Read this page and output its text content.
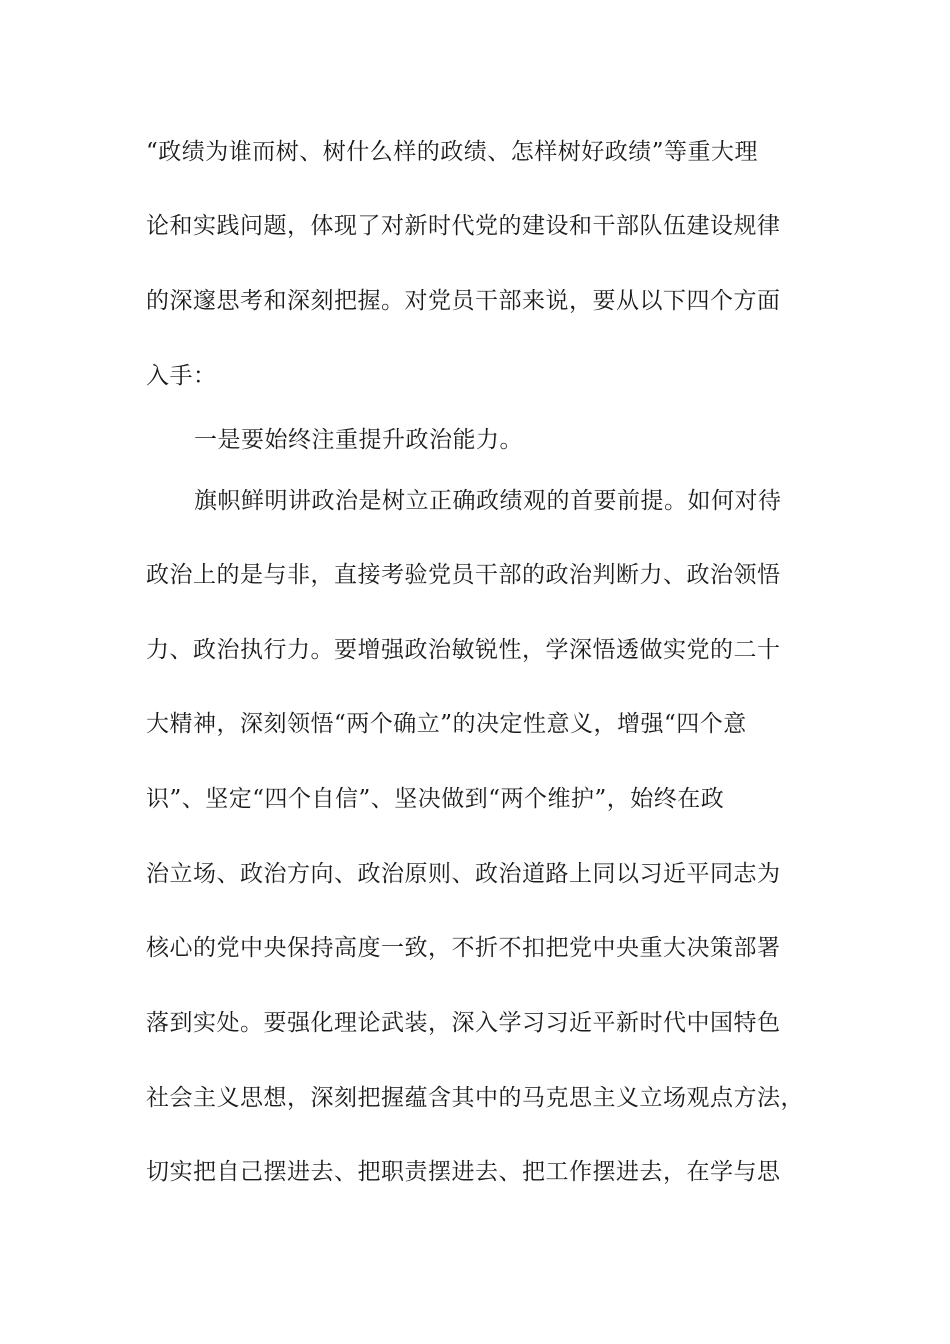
“政绩为谁而树、树什么样的政绩、怎样树好政绩”等重大理
论和实践问题，体现了对新时代党的建设和干部队伍建设规律
的深邃思考和深刻把握。对党员干部来说，要从以下四个方面
入手：
一是要始终注重提升政治能力。
旗帜鲜明讲政治是树立正确政绩观的首要前提。如何对待
政治上的是与非，直接考验党员干部的政治判断力、政治领悟
力、政治执行力。要增强政治敏锐性，学深悟透做实党的二十
大精神，深刻领悟“两个确立”的决定性意义，增强“四个意
识”、坚定“四个自信”、坚决做到“两个维护”，始终在政
治立场、政治方向、政治原则、政治道路上同以习近平同志为
核心的党中央保持高度一致，不折不扣把党中央重大决策部署
落到实处。要强化理论武装，深入学习习近平新时代中国特色
社会主义思想，深刻把握蕴含其中的马克思主义立场观点方法，
切实把自己摆进去、把职责摆进去、把工作摆进去，在学与思
